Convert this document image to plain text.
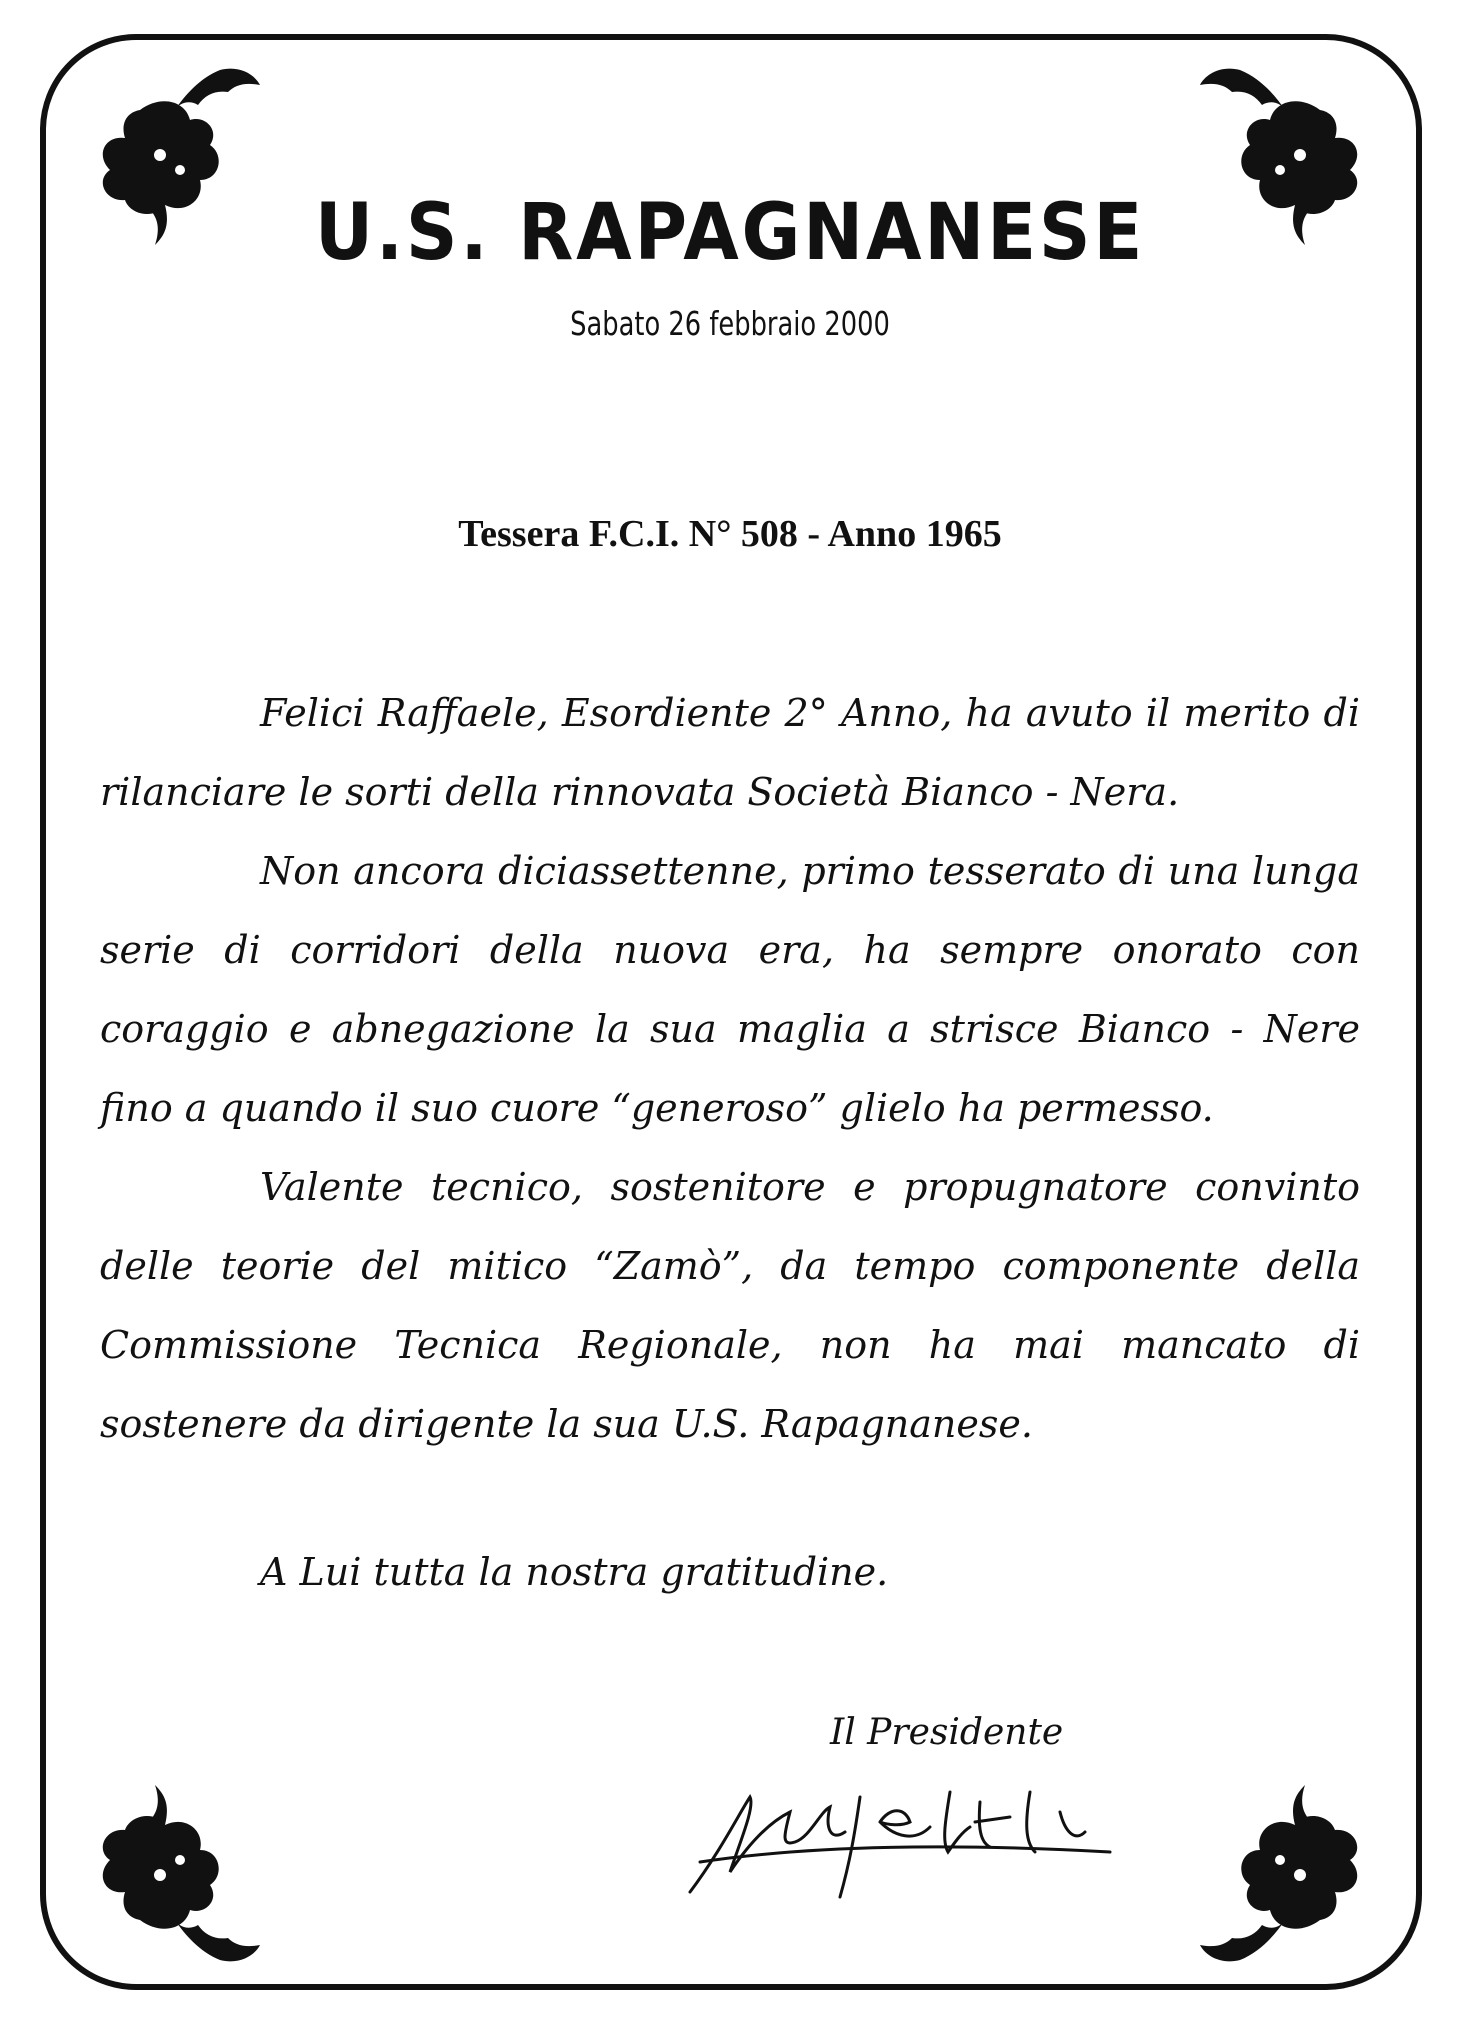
U.S. RAPAGNANESE
Sabato 26 febbraio 2000
Tessera F.C.I. N° 508 - Anno 1965

Felici Raffaele, Esordiente 2° Anno, ha avuto il merito di rilanciare le sorti della rinnovata Società Bianco - Nera.

Non ancora diciassettenne, primo tesserato di una lunga serie di corridori della nuova era, ha sempre onorato con coraggio e abnegazione la sua maglia a strisce Bianco - Nere fino a quando il suo cuore “generoso” glielo ha permesso.

Valente tecnico, sostenitore e propugnatore convinto delle teorie del mitico “Zamò”, da tempo componente della Commissione Tecnica Regionale, non ha mai mancato di sostenere da dirigente la sua U.S. Rapagnanese.

A Lui tutta la nostra gratitudine.
Il Presidente
